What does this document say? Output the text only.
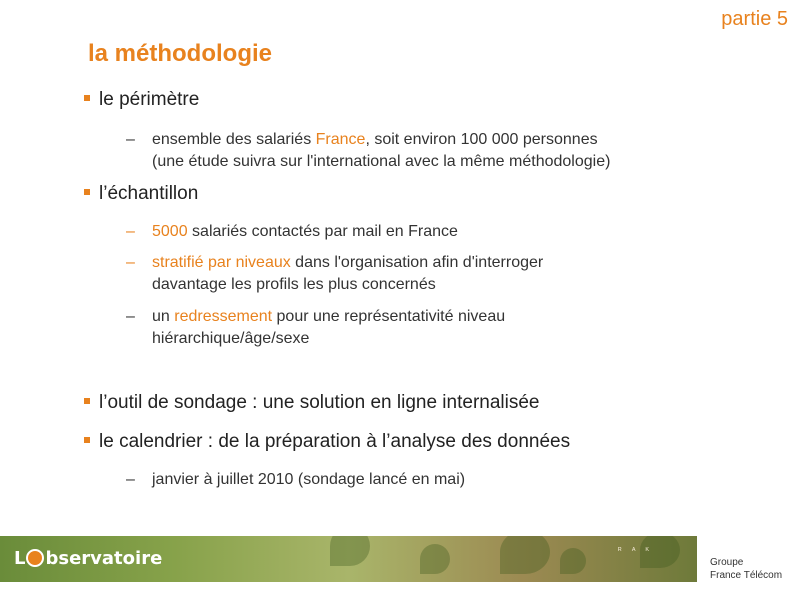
partie 5
la méthodologie
le périmètre
– ensemble des salariés France, soit environ 100 000 personnes
(une étude suivra sur l'international avec la même méthodologie)
l’échantillon
– 5000 salariés contactés par mail en France
– stratifié par niveaux dans l'organisation afin d'interroger
davantage les profils les plus concernés
– un redressement pour une représentativité niveau
hiérarchique/âge/sexe
l’outil de sondage : une solution en ligne internalisée
le calendrier : de la préparation à l’analyse des données
– janvier à juillet 2010 (sondage lancé en mai)
L bservatoire	ᴿ ᴬ ᴷ
Groupe
France Télécom
